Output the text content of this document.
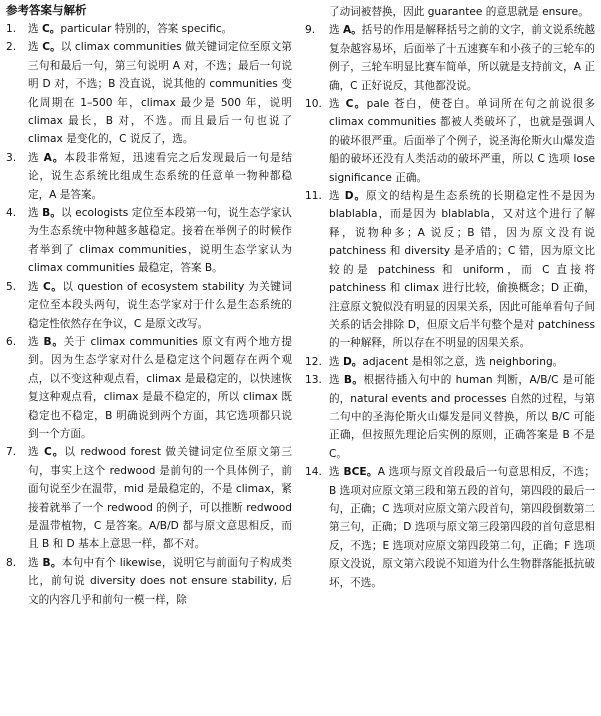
参考答案与解析
1.	选 C。particular 特别的，答案 specific。
2.	选 C。以 climax communities 做关键词定位至原文第三句和最后一句，第三句说明 A 对，不选；最后一句说明 D 对，不选；B 没直说，说其他的 communities 变化周期在 1–500 年，climax 最少是 500 年，说明 climax 最长，B 对，不选。而且最后一句也说了 climax 是变化的，C 说反了，选。
3.	选 A。本段非常短，迅速看完之后发现最后一句是结论，说生态系统比组成生态系统的任意单一物种都稳定，A 是答案。
4.	选 B。以 ecologists 定位至本段第一句，说生态学家认为生态系统中物种越多越稳定。接着在举例子的时候作者举到了 climax communities，说明生态学家认为 climax communities 最稳定，答案 B。
5.	选 C。以 question of ecosystem stability 为关键词定位至本段头两句，说生态学家对于什么是生态系统的稳定性依然存在争议，C 是原文改写。
6.	选 B。关于 climax communities 原文有两个地方提到。因为生态学家对什么是稳定这个问题存在两个观点，以不变这种观点看，climax 是最稳定的，以快速恢复这种观点看，climax 是最不稳定的，所以 climax 既稳定也不稳定，B 明确说到两个方面，其它选项都只说到一个方面。
7.	选 C。以 redwood forest 做关键词定位至原文第三句，事实上这个 redwood 是前句的一个具体例子，前面句说至少在温带，mid 是最稳定的，不是 climax，紧接着就举了一个 redwood 的例子，可以推断 redwood 是温带植物，C 是答案。A/B/D 都与原文意思相反，而且 B 和 D 基本上意思一样，都不对。
8.	选 B。本句中有个 likewise，说明它与前面句子构成类比，前句说 diversity does not ensure stability, 后文的内容几乎和前句一模一样，除
了动词被替换，因此 guarantee 的意思就是 ensure。
9.	选 A。括号的作用是解释括号之前的文字，前文说系统越复杂越容易坏，后面举了十五速赛车和小孩子的三轮车的例子，三轮车明显比赛车简单，所以就是支持前文，A 正确，C 正好说反，其他都没说。
10. 选 C。pale 苍白，使苍白。单词所在句之前说很多 climax communities 都被人类破坏了，也就是强调人的破坏很严重。后面举了个例子，说圣海伦斯火山爆发造船的破坏还没有人类活动的破坏严重，所以 C 选项 lose significance 正确。
11. 选 D。原文的结构是生态系统的长期稳定性不是因为 blablabla，而是因为 blablabla，又对这个进行了解释，说物种多；A 说反；B 错，因为原文没有说 patchiness 和 diversity 是矛盾的；C 错，因为原文比较的是 patchiness 和 uniform，而 C 直接将 patchiness 和 climax 进行比较，偷换概念；D 正确，注意原文貌似没有明显的因果关系，因此可能单看句子间关系的话会排除 D，但原文后半句整个是对 patchiness 的一种解释，所以存在不明显的因果关系。
12. 选 D。adjacent 是相邻之意，选 neighboring。
13. 选 B。根据待插入句中的 human 判断，A/B/C 是可能的，natural events and processes 自然的过程，与第二句中的圣海伦斯火山爆发是同义替换，所以 B/C 可能正确，但按照先理论后实例的原则，正确答案是 B 不是 C。
14. 选 BCE。A 选项与原文首段最后一句意思相反，不选；B 选项对应原文第三段和第五段的首句，第四段的最后一句，正确；C 选项对应原文第六段首句，第四段倒数第二第三句，正确；D 选项与原文第三段第四段的首句意思相反，不选；E 选项对应原文第四段第二句，正确；F 选项原文没说，原文第六段说不知道为什么生物群落能抵抗破坏，不选。
